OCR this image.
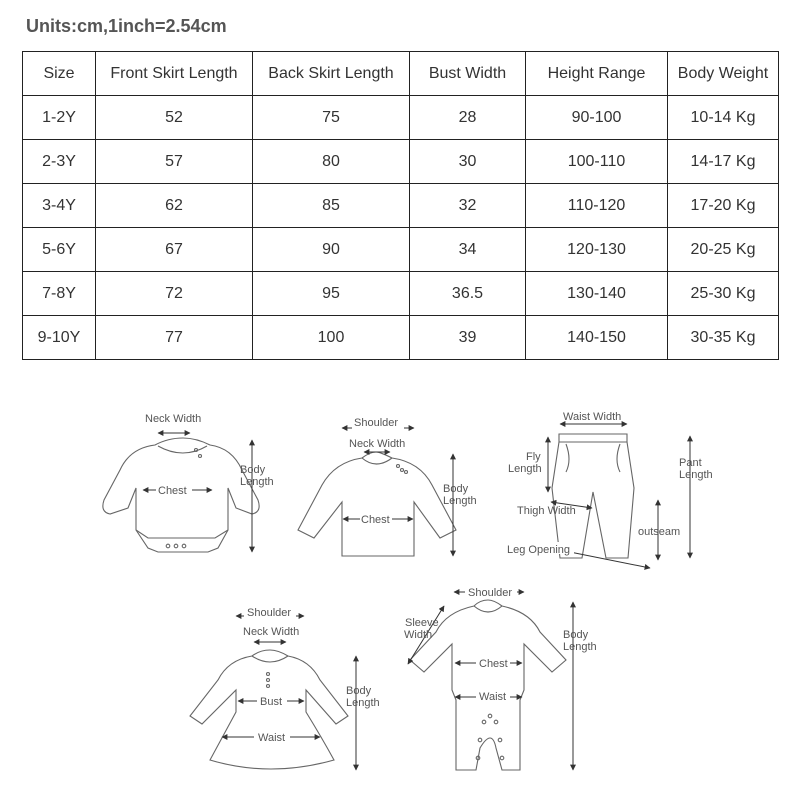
Units:cm,1inch=2.54cm
Size	Front Skirt Length	Back Skirt Length	Bust Width	Height Range	Body Weight
1-2Y	52	75	28	90-100	10-14 Kg
2-3Y	57	80	30	100-110	14-17 Kg
3-4Y	62	85	32	110-120	17-20 Kg
5-6Y	67	90	34	120-130	20-25 Kg
7-8Y	72	95	36.5	130-140	25-30 Kg
9-10Y	77	100	39	140-150	30-35 Kg
Neck Width
Chest
Body
Length
Shoulder
Neck Width
Chest
Body
Length
Waist Width
Fly
Length	Pant
Length
Thigh Width
outseam
Leg Opening
Shoulder
Neck Width
Bust
Waist
Body
Length
Shoulder
Sleeve
Width
Chest
Waist
Body
Length
